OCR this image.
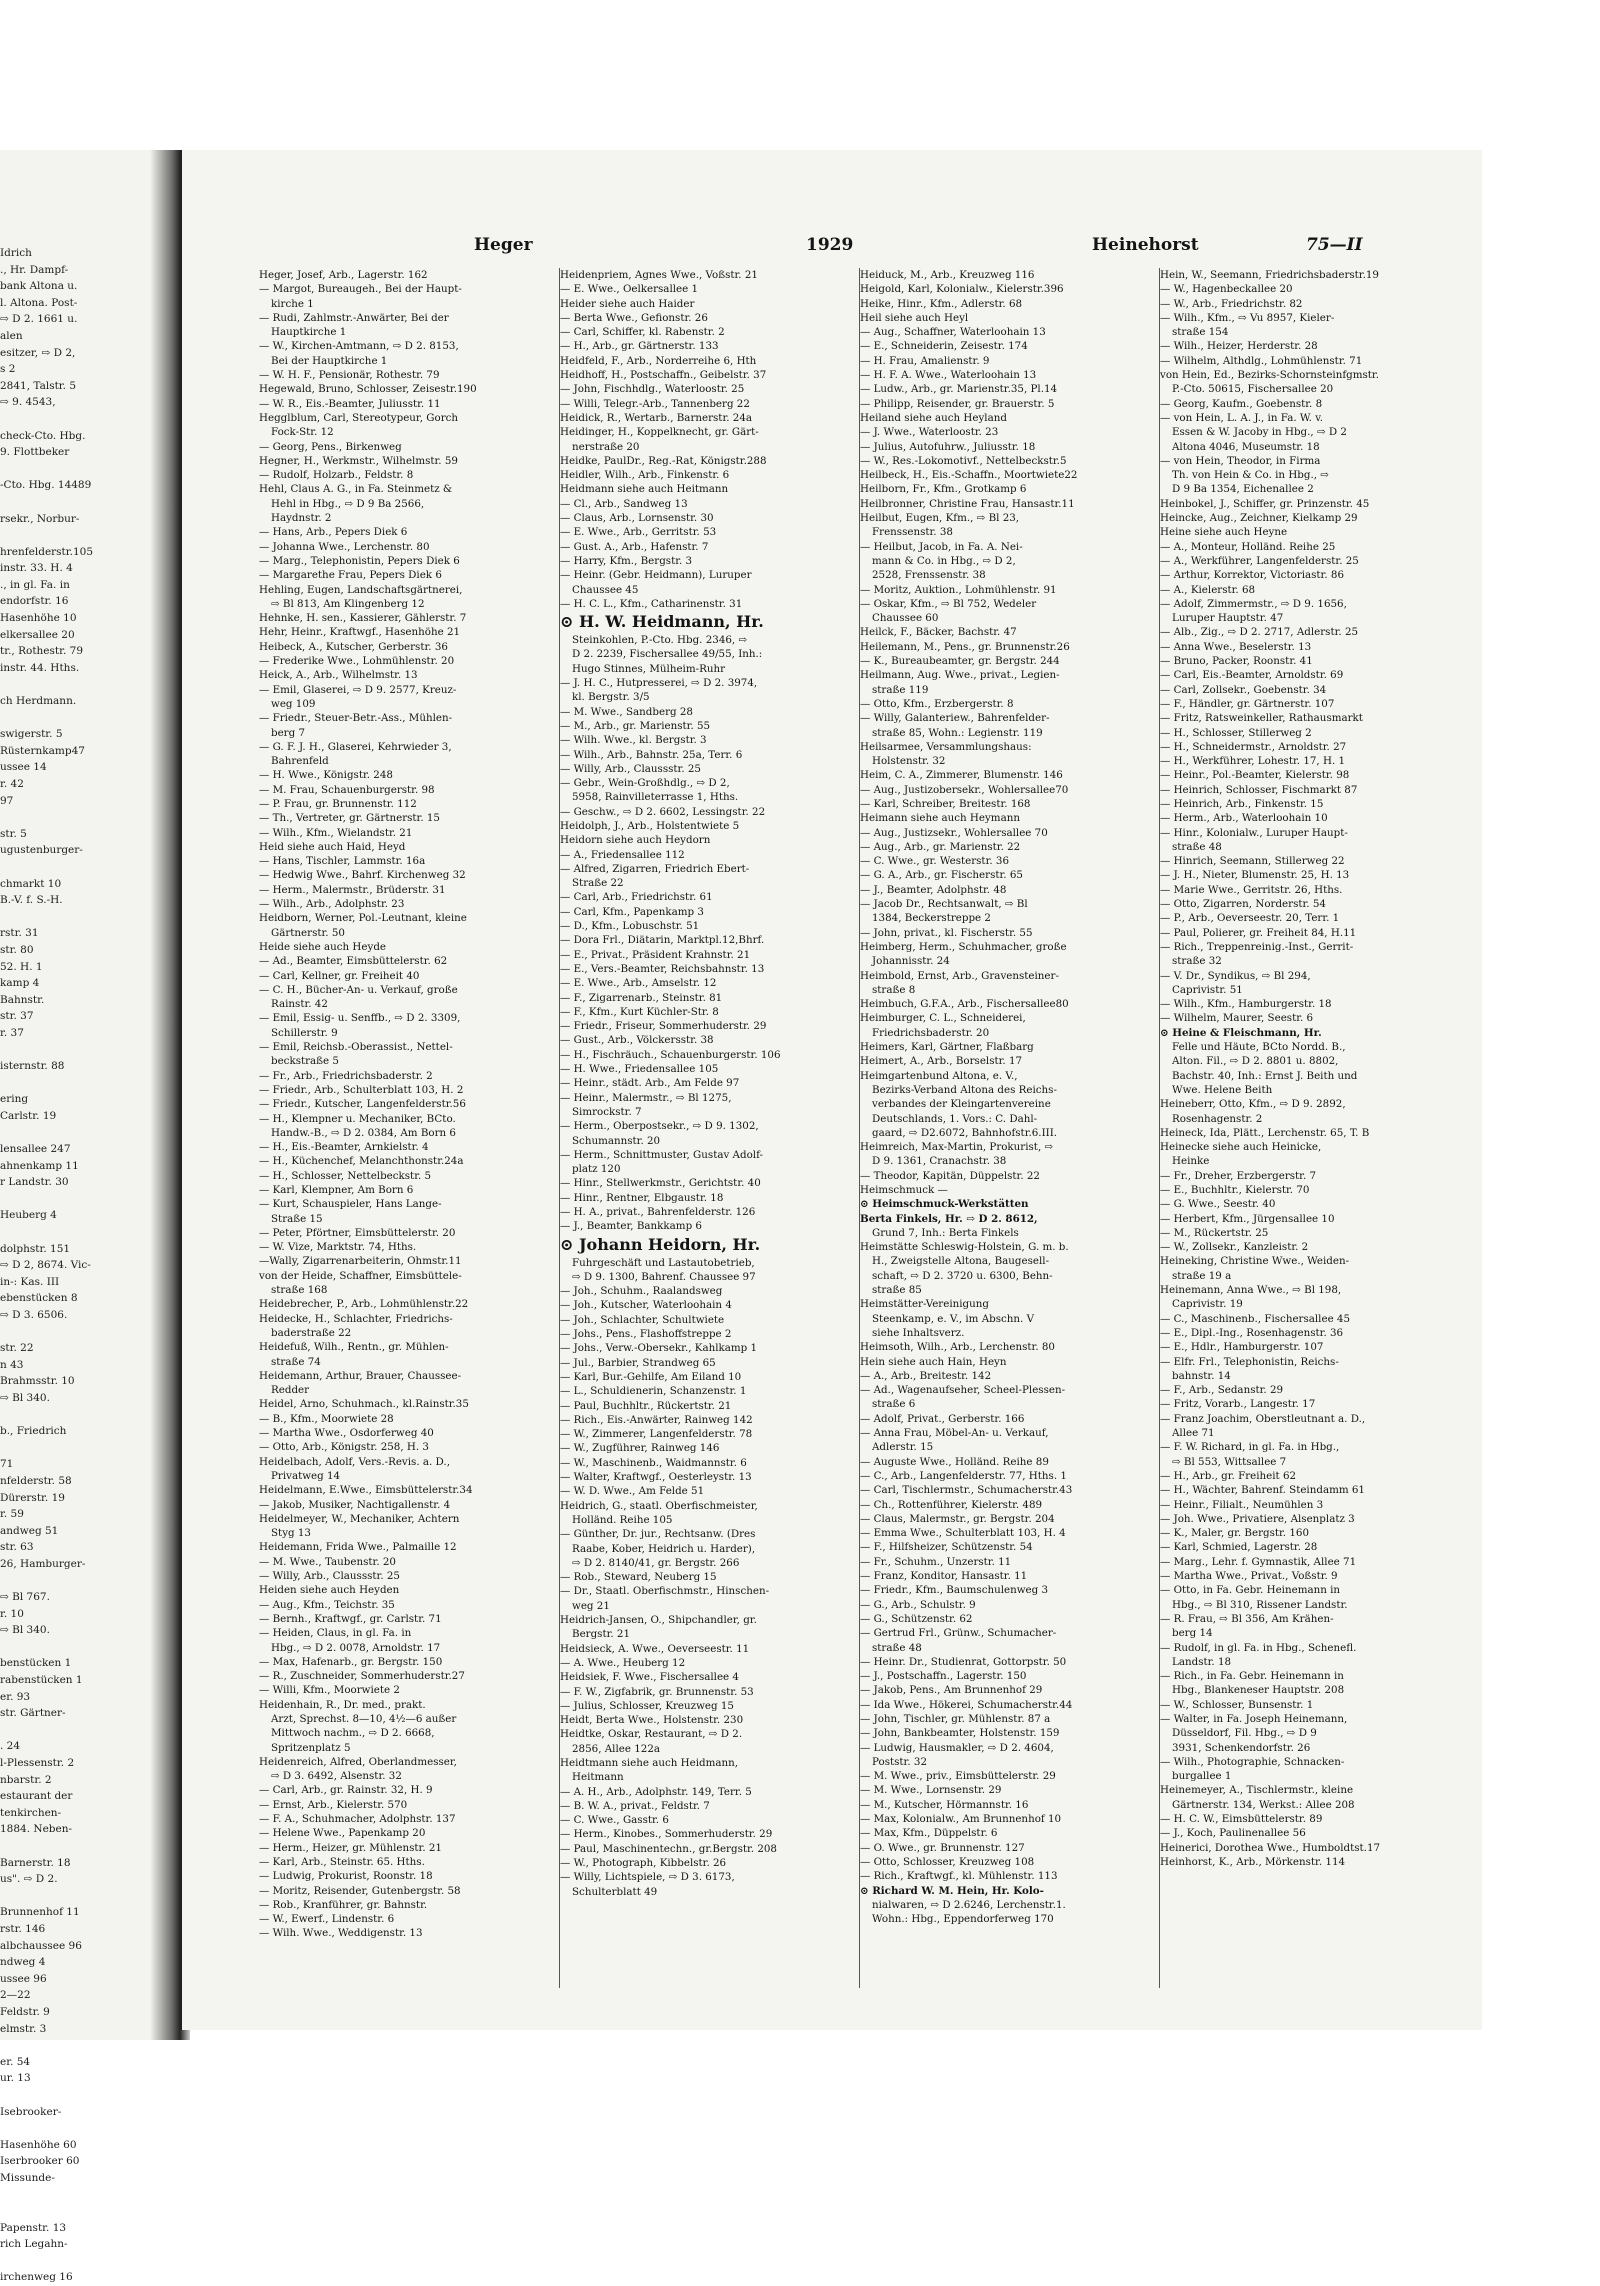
Idrich
., Hr. Dampf-
bank Altona u.
l. Altona. Post-
⇨ D 2. 1661 u.
alen
esitzer, ⇨ D 2,
s 2
2841, Talstr. 5
⇨ 9. 4543,

check-Cto. Hbg.
9. Flottbeker

-Cto. Hbg. 14489

rsekr., Norbur-

hrenfelderstr.105
instr. 33. H. 4
., in gl. Fa. in
endorfstr. 16
Hasenhöhe 10
elkersallee 20
tr., Rothestr. 79
instr. 44. Hths.

ch Herdmann.

swigerstr. 5
Rüsternkamp47
ussee 14
r. 42
97

str. 5
ugustenburger-

chmarkt 10
B.-V. f. S.-H.

rstr. 31
str. 80
52. H. 1
kamp 4
Bahnstr.
str. 37
r. 37

isternstr. 88

ering
Carlstr. 19

lensallee 247
ahnenkamp 11
r Landstr. 30

Heuberg 4

dolphstr. 151
⇨ D 2, 8674. Vic-
in-: Kas. III
ebenstücken 8
⇨ D 3. 6506.

str. 22
n 43
Brahmsstr. 10
⇨ Bl 340.

b., Friedrich

71
nfelderstr. 58
Dürerstr. 19
r. 59
andweg 51
str. 63
26, Hamburger-

⇨ Bl 767.
r. 10
⇨ Bl 340.

benstücken 1
rabenstücken 1
er. 93
str. Gärtner-

. 24
l-Plessenstr. 2
nbarstr. 2
estaurant der
tenkirchen-
1884. Neben-

Barnerstr. 18
us". ⇨ D 2.

Brunnenhof 11
rstr. 146
albchaussee 96
ndweg 4
ussee 96
2—22
Feldstr. 9
elmstr. 3

er. 54
ur. 13

Isebrooker-

Hasenhöhe 60
Iserbrooker 60
Missunde-

Papenstr. 13
rich Legahn-

irchenweg 16
Heger	1929	Heinehorst	75—II
Heger, Josef, Arb., Lagerstr. 162
— Margot, Bureaugeh., Bei der Haupt-
kirche 1
— Rudi, Zahlmstr.-Anwärter, Bei der
Hauptkirche 1
— W., Kirchen-Amtmann, ⇨ D 2. 8153,
Bei der Hauptkirche 1
— W. H. F., Pensionär, Rothestr. 79
Hegewald, Bruno, Schlosser, Zeisestr.190
— W. R., Eis.-Beamter, Juliusstr. 11
Hegglblum, Carl, Stereotypeur, Gorch
Fock-Str. 12
— Georg, Pens., Birkenweg
Hegner, H., Werkmstr., Wilhelmstr. 59
— Rudolf, Holzarb., Feldstr. 8
Hehl, Claus A. G., in Fa. Steinmetz &
Hehl in Hbg., ⇨ D 9 Ba 2566,
Haydnstr. 2
— Hans, Arb., Pepers Diek 6
— Johanna Wwe., Lerchenstr. 80
— Marg., Telephonistin, Pepers Diek 6
— Margarethe Frau, Pepers Diek 6
Hehling, Eugen, Landschaftsgärtnerei,
⇨ Bl 813, Am Klingenberg 12
Hehnke, H. sen., Kassierer, Gählerstr. 7
Hehr, Heinr., Kraftwgf., Hasenhöhe 21
Heibeck, A., Kutscher, Gerberstr. 36
— Frederike Wwe., Lohmühlenstr. 20
Heick, A., Arb., Wilhelmstr. 13
— Emil, Glaserei, ⇨ D 9. 2577, Kreuz-
weg 109
— Friedr., Steuer-Betr.-Ass., Mühlen-
berg 7
— G. F. J. H., Glaserei, Kehrwieder 3,
Bahrenfeld
— H. Wwe., Königstr. 248
— M. Frau, Schauenburgerstr. 98
— P. Frau, gr. Brunnenstr. 112
— Th., Vertreter, gr. Gärtnerstr. 15
— Wilh., Kfm., Wielandstr. 21
Heid siehe auch Haid, Heyd
— Hans, Tischler, Lammstr. 16a
— Hedwig Wwe., Bahrf. Kirchenweg 32
— Herm., Malermstr., Brüderstr. 31
— Wilh., Arb., Adolphstr. 23
Heidborn, Werner, Pol.-Leutnant, kleine
Gärtnerstr. 50
Heide siehe auch Heyde
— Ad., Beamter, Eimsbüttelerstr. 62
— Carl, Kellner, gr. Freiheit 40
— C. H., Bücher-An- u. Verkauf, große
Rainstr. 42
— Emil, Essig- u. Senffb., ⇨ D 2. 3309,
Schillerstr. 9
— Emil, Reichsb.-Oberassist., Nettel-
beckstraße 5
— Fr., Arb., Friedrichsbaderstr. 2
— Friedr., Arb., Schulterblatt 103, H. 2
— Friedr., Kutscher, Langenfelderstr.56
— H., Klempner u. Mechaniker, BCto.
Handw.-B., ⇨ D 2. 0384, Am Born 6
— H., Eis.-Beamter, Arnkielstr. 4
— H., Küchenchef, Melanchthonstr.24a
— H., Schlosser, Nettelbeckstr. 5
— Karl, Klempner, Am Born 6
— Kurt, Schauspieler, Hans Lange-
Straße 15
— Peter, Pförtner, Eimsbüttelerstr. 20
— W. Vize, Marktstr. 74, Hths.
—Wally, Zigarrenarbeiterin, Ohmstr.11
von der Heide, Schaffner, Eimsbüttele-
straße 168
Heidebrecher, P., Arb., Lohmühlenstr.22
Heidecke, H., Schlachter, Friedrichs-
baderstraße 22
Heidefuß, Wilh., Rentn., gr. Mühlen-
straße 74
Heidemann, Arthur, Brauer, Chaussee-
Redder
Heidel, Arno, Schuhmach., kl.Rainstr.35
— B., Kfm., Moorwiete 28
— Martha Wwe., Osdorferweg 40
— Otto, Arb., Königstr. 258, H. 3
Heidelbach, Adolf, Vers.-Revis. a. D.,
Privatweg 14
Heidelmann, E.Wwe., Eimsbüttelerstr.34
— Jakob, Musiker, Nachtigallenstr. 4
Heidelmeyer, W., Mechaniker, Achtern
Styg 13
Heidemann, Frida Wwe., Palmaille 12
— M. Wwe., Taubenstr. 20
— Willy, Arb., Claussstr. 25
Heiden siehe auch Heyden
— Aug., Kfm., Teichstr. 35
— Bernh., Kraftwgf., gr. Carlstr. 71
— Heiden, Claus, in gl. Fa. in
Hbg., ⇨ D 2. 0078, Arnoldstr. 17
— Max, Hafenarb., gr. Bergstr. 150
— R., Zuschneider, Sommerhuderstr.27
— Willi, Kfm., Moorwiete 2
Heidenhain, R., Dr. med., prakt.
Arzt, Sprechst. 8—10, 4½—6 außer
Mittwoch nachm., ⇨ D 2. 6668,
Spritzenplatz 5
Heidenreich, Alfred, Oberlandmesser,
⇨ D 3. 6492, Alsenstr. 32
— Carl, Arb., gr. Rainstr. 32, H. 9
— Ernst, Arb., Kielerstr. 570
— F. A., Schuhmacher, Adolphstr. 137
— Helene Wwe., Papenkamp 20
— Herm., Heizer, gr. Mühlenstr. 21
— Karl, Arb., Steinstr. 65. Hths.
— Ludwig, Prokurist, Roonstr. 18
— Moritz, Reisender, Gutenbergstr. 58
— Rob., Kranführer, gr. Bahnstr.
— W., Ewerf., Lindenstr. 6
— Wilh. Wwe., Weddigenstr. 13
Heidenpriem, Agnes Wwe., Voßstr. 21
— E. Wwe., Oelkersallee 1
Heider siehe auch Haider
— Berta Wwe., Gefionstr. 26
— Carl, Schiffer, kl. Rabenstr. 2
— H., Arb., gr. Gärtnerstr. 133
Heidfeld, F., Arb., Norderreihe 6, Hth
Heidhoff, H., Postschaffn., Geibelstr. 37
— John, Fischhdlg., Waterloostr. 25
— Willi, Telegr.-Arb., Tannenberg 22
Heidick, R., Wertarb., Barnerstr. 24a
Heidinger, H., Koppelknecht, gr. Gärt-
nerstraße 20
Heidke, PaulDr., Reg.-Rat, Königstr.288
Heidler, Wilh., Arb., Finkenstr. 6
Heidmann siehe auch Heitmann
— Cl., Arb., Sandweg 13
— Claus, Arb., Lornsenstr. 30
— E. Wwe., Arb., Gerritstr. 53
— Gust. A., Arb., Hafenstr. 7
— Harry, Kfm., Bergstr. 3
— Heinr. (Gebr. Heidmann), Luruper
Chaussee 45
— H. C. L., Kfm., Catharinenstr. 31
⊙ H. W. Heidmann, Hr.
Steinkohlen, P.-Cto. Hbg. 2346, ⇨
D 2. 2239, Fischersallee 49/55, Inh.:
Hugo Stinnes, Mülheim-Ruhr
— J. H. C., Hutpresserei, ⇨ D 2. 3974,
kl. Bergstr. 3/5
— M. Wwe., Sandberg 28
— M., Arb., gr. Marienstr. 55
— Wilh. Wwe., kl. Bergstr. 3
— Wilh., Arb., Bahnstr. 25a, Terr. 6
— Willy, Arb., Claussstr. 25
— Gebr., Wein-Großhdlg., ⇨ D 2,
5958, Rainvilleterrasse 1, Hths.
— Geschw., ⇨ D 2. 6602, Lessingstr. 22
Heidolph, J., Arb., Holstentwiete 5
Heidorn siehe auch Heydorn
— A., Friedensallee 112
— Alfred, Zigarren, Friedrich Ebert-
Straße 22
— Carl, Arb., Friedrichstr. 61
— Carl, Kfm., Papenkamp 3
— D., Kfm., Lobuschstr. 51
— Dora Frl., Diätarin, Marktpl.12,Bhrf.
— E., Privat., Präsident Krahnstr. 21
— E., Vers.-Beamter, Reichsbahnstr. 13
— E. Wwe., Arb., Amselstr. 12
— F., Zigarrenarb., Steinstr. 81
— F., Kfm., Kurt Küchler-Str. 8
— Friedr., Friseur, Sommerhuderstr. 29
— Gust., Arb., Völckersstr. 38
— H., Fischräuch., Schauenburgerstr. 106
— H. Wwe., Friedensallee 105
— Heinr., städt. Arb., Am Felde 97
— Heinr., Malermstr., ⇨ Bl 1275,
Simrockstr. 7
— Herm., Oberpostsekr., ⇨ D 9. 1302,
Schumannstr. 20
— Herm., Schnittmuster, Gustav Adolf-
platz 120
— Hinr., Stellwerkmstr., Gerichtstr. 40
— Hinr., Rentner, Elbgaustr. 18
— H. A., privat., Bahrenfelderstr. 126
— J., Beamter, Bankkamp 6
⊙ Johann Heidorn, Hr.
Fuhrgeschäft und Lastautobetrieb,
⇨ D 9. 1300, Bahrenf. Chaussee 97
— Joh., Schuhm., Raalandsweg
— Joh., Kutscher, Waterloohain 4
— Joh., Schlachter, Schultwiete
— Johs., Pens., Flashoffstreppe 2
— Johs., Verw.-Obersekr., Kahlkamp 1
— Jul., Barbier, Strandweg 65
— Karl, Bur.-Gehilfe, Am Eiland 10
— L., Schuldienerin, Schanzenstr. 1
— Paul, Buchhltr., Rückertstr. 21
— Rich., Eis.-Anwärter, Rainweg 142
— W., Zimmerer, Langenfelderstr. 78
— W., Zugführer, Rainweg 146
— W., Maschinenb., Waidmannstr. 6
— Walter, Kraftwgf., Oesterleystr. 13
— W. D. Wwe., Am Felde 51
Heidrich, G., staatl. Oberfischmeister,
Holländ. Reihe 105
— Günther, Dr. jur., Rechtsanw. (Dres
Raabe, Kober, Heidrich u. Harder),
⇨ D 2. 8140/41, gr. Bergstr. 266
— Rob., Steward, Neuberg 15
— Dr., Staatl. Oberfischmstr., Hinschen-
weg 21
Heidrich-Jansen, O., Shipchandler, gr.
Bergstr. 21
Heidsieck, A. Wwe., Oeverseestr. 11
— A. Wwe., Heuberg 12
Heidsiek, F. Wwe., Fischersallee 4
— F. W., Zigfabrik, gr. Brunnenstr. 53
— Julius, Schlosser, Kreuzweg 15
Heidt, Berta Wwe., Holstenstr. 230
Heidtke, Oskar, Restaurant, ⇨ D 2.
2856, Allee 122a
Heidtmann siehe auch Heidmann,
Heitmann
— A. H., Arb., Adolphstr. 149, Terr. 5
— B. W. A., privat., Feldstr. 7
— C. Wwe., Gasstr. 6
— Herm., Kinobes., Sommerhuderstr. 29
— Paul, Maschinentechn., gr.Bergstr. 208
— W., Photograph, Kibbelstr. 26
— Willy, Lichtspiele, ⇨ D 3. 6173,
Schulterblatt 49
Heiduck, M., Arb., Kreuzweg 116
Heigold, Karl, Kolonialw., Kielerstr.396
Heike, Hinr., Kfm., Adlerstr. 68
Heil siehe auch Heyl
— Aug., Schaffner, Waterloohain 13
— E., Schneiderin, Zeisestr. 174
— H. Frau, Amalienstr. 9
— H. F. A. Wwe., Waterloohain 13
— Ludw., Arb., gr. Marienstr.35, Pl.14
— Philipp, Reisender, gr. Brauerstr. 5
Heiland siehe auch Heyland
— J. Wwe., Waterloostr. 23
— Julius, Autofuhrw., Juliusstr. 18
— W., Res.-Lokomotivf., Nettelbeckstr.5
Heilbeck, H., Eis.-Schaffn., Moortwiete22
Heilborn, Fr., Kfm., Grotkamp 6
Heilbronner, Christine Frau, Hansastr.11
Heilbut, Eugen, Kfm., ⇨ Bl 23,
Frenssenstr. 38
— Heilbut, Jacob, in Fa. A. Nei-
mann & Co. in Hbg., ⇨ D 2,
2528, Frenssenstr. 38
— Moritz, Auktion., Lohmühlenstr. 91
— Oskar, Kfm., ⇨ Bl 752, Wedeler
Chaussee 60
Heilck, F., Bäcker, Bachstr. 47
Heilemann, M., Pens., gr. Brunnenstr.26
— K., Bureaubeamter, gr. Bergstr. 244
Heilmann, Aug. Wwe., privat., Legien-
straße 119
— Otto, Kfm., Erzbergerstr. 8
— Willy, Galanteriew., Bahrenfelder-
straße 85, Wohn.: Legienstr. 119
Heilsarmee, Versammlungshaus:
Holstenstr. 32
Heim, C. A., Zimmerer, Blumenstr. 146
— Aug., Justizobersekr., Wohlersallee70
— Karl, Schreiber, Breitestr. 168
Heimann siehe auch Heymann
— Aug., Justizsekr., Wohlersallee 70
— Aug., Arb., gr. Marienstr. 22
— C. Wwe., gr. Westerstr. 36
— G. A., Arb., gr. Fischerstr. 65
— J., Beamter, Adolphstr. 48
— Jacob Dr., Rechtsanwalt, ⇨ Bl
1384, Beckerstreppe 2
— John, privat., kl. Fischerstr. 55
Heimberg, Herm., Schuhmacher, große
Johannisstr. 24
Heimbold, Ernst, Arb., Gravensteiner-
straße 8
Heimbuch, G.F.A., Arb., Fischersallee80
Heimburger, C. L., Schneiderei,
Friedrichsbaderstr. 20
Heimers, Karl, Gärtner, Flaßbarg
Heimert, A., Arb., Borselstr. 17
Heimgartenbund Altona, e. V.,
Bezirks-Verband Altona des Reichs-
verbandes der Kleingartenvereine
Deutschlands, 1. Vors.: C. Dahl-
gaard, ⇨ D2.6072, Bahnhofstr.6.III.
Heimreich, Max-Martin, Prokurist, ⇨
D 9. 1361, Cranachstr. 38
— Theodor, Kapitän, Düppelstr. 22
Heimschmuck —
⊙ Heimschmuck-Werkstätten
Berta Finkels, Hr. ⇨ D 2. 8612,
Grund 7, Inh.: Berta Finkels
Heimstätte Schleswig-Holstein, G. m. b.
H., Zweigstelle Altona, Baugesell-
schaft, ⇨ D 2. 3720 u. 6300, Behn-
straße 85
Heimstätter-Vereinigung
Steenkamp, e. V., im Abschn. V
siehe Inhaltsverz.
Heimsoth, Wilh., Arb., Lerchenstr. 80
Hein siehe auch Hain, Heyn
— A., Arb., Breitestr. 142
— Ad., Wagenaufseher, Scheel-Plessen-
straße 6
— Adolf, Privat., Gerberstr. 166
— Anna Frau, Möbel-An- u. Verkauf,
Adlerstr. 15
— Auguste Wwe., Holländ. Reihe 89
— C., Arb., Langenfelderstr. 77, Hths. 1
— Carl, Tischlermstr., Schumacherstr.43
— Ch., Rottenführer, Kielerstr. 489
— Claus, Malermstr., gr. Bergstr. 204
— Emma Wwe., Schulterblatt 103, H. 4
— F., Hilfsheizer, Schützenstr. 54
— Fr., Schuhm., Unzerstr. 11
— Franz, Konditor, Hansastr. 11
— Friedr., Kfm., Baumschulenweg 3
— G., Arb., Schulstr. 9
— G., Schützenstr. 62
— Gertrud Frl., Grünw., Schumacher-
straße 48
— Heinr. Dr., Studienrat, Gottorpstr. 50
— J., Postschaffn., Lagerstr. 150
— Jakob, Pens., Am Brunnenhof 29
— Ida Wwe., Hökerei, Schumacherstr.44
— John, Tischler, gr. Mühlenstr. 87 a
— John, Bankbeamter, Holstenstr. 159
— Ludwig, Hausmakler, ⇨ D 2. 4604,
Poststr. 32
— M. Wwe., priv., Eimsbüttelerstr. 29
— M. Wwe., Lornsenstr. 29
— M., Kutscher, Hörmannstr. 16
— Max, Kolonialw., Am Brunnenhof 10
— Max, Kfm., Düppelstr. 6
— O. Wwe., gr. Brunnenstr. 127
— Otto, Schlosser, Kreuzweg 108
— Rich., Kraftwgf., kl. Mühlenstr. 113
⊙ Richard W. M. Hein, Hr. Kolo-
nialwaren, ⇨ D 2.6246, Lerchenstr.1.
Wohn.: Hbg., Eppendorferweg 170
Hein, W., Seemann, Friedrichsbaderstr.19
— W., Hagenbeckallee 20
— W., Arb., Friedrichstr. 82
— Wilh., Kfm., ⇨ Vu 8957, Kieler-
straße 154
— Wilh., Heizer, Herderstr. 28
— Wilhelm, Althdlg., Lohmühlenstr. 71
von Hein, Ed., Bezirks-Schornsteinfgmstr.
P.-Cto. 50615, Fischersallee 20
— Georg, Kaufm., Goebenstr. 8
— von Hein, L. A. J., in Fa. W. v.
Essen & W. Jacoby in Hbg., ⇨ D 2
Altona 4046, Museumstr. 18
— von Hein, Theodor, in Firma
Th. von Hein & Co. in Hbg., ⇨
D 9 Ba 1354, Eichenallee 2
Heinbokel, J., Schiffer, gr. Prinzenstr. 45
Heincke, Aug., Zeichner, Kielkamp 29
Heine siehe auch Heyne
— A., Monteur, Holländ. Reihe 25
— A., Werkführer, Langenfelderstr. 25
— Arthur, Korrektor, Victoriastr. 86
— A., Kielerstr. 68
— Adolf, Zimmermstr., ⇨ D 9. 1656,
Luruper Hauptstr. 47
— Alb., Zig., ⇨ D 2. 2717, Adlerstr. 25
— Anna Wwe., Beselerstr. 13
— Bruno, Packer, Roonstr. 41
— Carl, Eis.-Beamter, Arnoldstr. 69
— Carl, Zollsekr., Goebenstr. 34
— F., Händler, gr. Gärtnerstr. 107
— Fritz, Ratsweinkeller, Rathausmarkt
— H., Schlosser, Stillerweg 2
— H., Schneidermstr., Arnoldstr. 27
— H., Werkführer, Lohestr. 17, H. 1
— Heinr., Pol.-Beamter, Kielerstr. 98
— Heinrich, Schlosser, Fischmarkt 87
— Heinrich, Arb., Finkenstr. 15
— Herm., Arb., Waterloohain 10
— Hinr., Kolonialw., Luruper Haupt-
straße 48
— Hinrich, Seemann, Stillerweg 22
— J. H., Nieter, Blumenstr. 25, H. 13
— Marie Wwe., Gerritstr. 26, Hths.
— Otto, Zigarren, Norderstr. 54
— P., Arb., Oeverseestr. 20, Terr. 1
— Paul, Polierer, gr. Freiheit 84, H.11
— Rich., Treppenreinig.-Inst., Gerrit-
straße 32
— V. Dr., Syndikus, ⇨ Bl 294,
Caprivistr. 51
— Wilh., Kfm., Hamburgerstr. 18
— Wilhelm, Maurer, Seestr. 6
⊙ Heine & Fleischmann, Hr.
Felle und Häute, BCto Nordd. B.,
Alton. Fil., ⇨ D 2. 8801 u. 8802,
Bachstr. 40, Inh.: Ernst J. Beith und
Wwe. Helene Beith
Heineberr, Otto, Kfm., ⇨ D 9. 2892,
Rosenhagenstr. 2
Heineck, Ida, Plätt., Lerchenstr. 65, T. B
Heinecke siehe auch Heinicke,
Heinke
— Fr., Dreher, Erzbergerstr. 7
— E., Buchhltr., Kielerstr. 70
— G. Wwe., Seestr. 40
— Herbert, Kfm., Jürgensallee 10
— M., Rückertstr. 25
— W., Zollsekr., Kanzleistr. 2
Heineking, Christine Wwe., Weiden-
straße 19 a
Heinemann, Anna Wwe., ⇨ Bl 198,
Caprivistr. 19
— C., Maschinenb., Fischersallee 45
— E., Dipl.-Ing., Rosenhagenstr. 36
— E., Hdlr., Hamburgerstr. 107
— Elfr. Frl., Telephonistin, Reichs-
bahnstr. 14
— F., Arb., Sedanstr. 29
— Fritz, Vorarb., Langestr. 17
— Franz Joachim, Oberstleutnant a. D.,
Allee 71
— F. W. Richard, in gl. Fa. in Hbg.,
⇨ Bl 553, Wittsallee 7
— H., Arb., gr. Freiheit 62
— H., Wächter, Bahrenf. Steindamm 61
— Heinr., Filialt., Neumühlen 3
— Joh. Wwe., Privatiere, Alsenplatz 3
— K., Maler, gr. Bergstr. 160
— Karl, Schmied, Lagerstr. 28
— Marg., Lehr. f. Gymnastik, Allee 71
— Martha Wwe., Privat., Voßstr. 9
— Otto, in Fa. Gebr. Heinemann in
Hbg., ⇨ Bl 310, Rissener Landstr.
— R. Frau, ⇨ Bl 356, Am Krähen-
berg 14
— Rudolf, in gl. Fa. in Hbg., Schenefl.
Landstr. 18
— Rich., in Fa. Gebr. Heinemann in
Hbg., Blankeneser Hauptstr. 208
— W., Schlosser, Bunsenstr. 1
— Walter, in Fa. Joseph Heinemann,
Düsseldorf, Fil. Hbg., ⇨ D 9
3931, Schenkendorfstr. 26
— Wilh., Photographie, Schnacken-
burgallee 1
Heinemeyer, A., Tischlermstr., kleine
Gärtnerstr. 134, Werkst.: Allee 208
— H. C. W., Eimsbüttelerstr. 89
— J., Koch, Paulinenallee 56
Heinerici, Dorothea Wwe., Humboldtst.17
Heinhorst, K., Arb., Mörkenstr. 114
